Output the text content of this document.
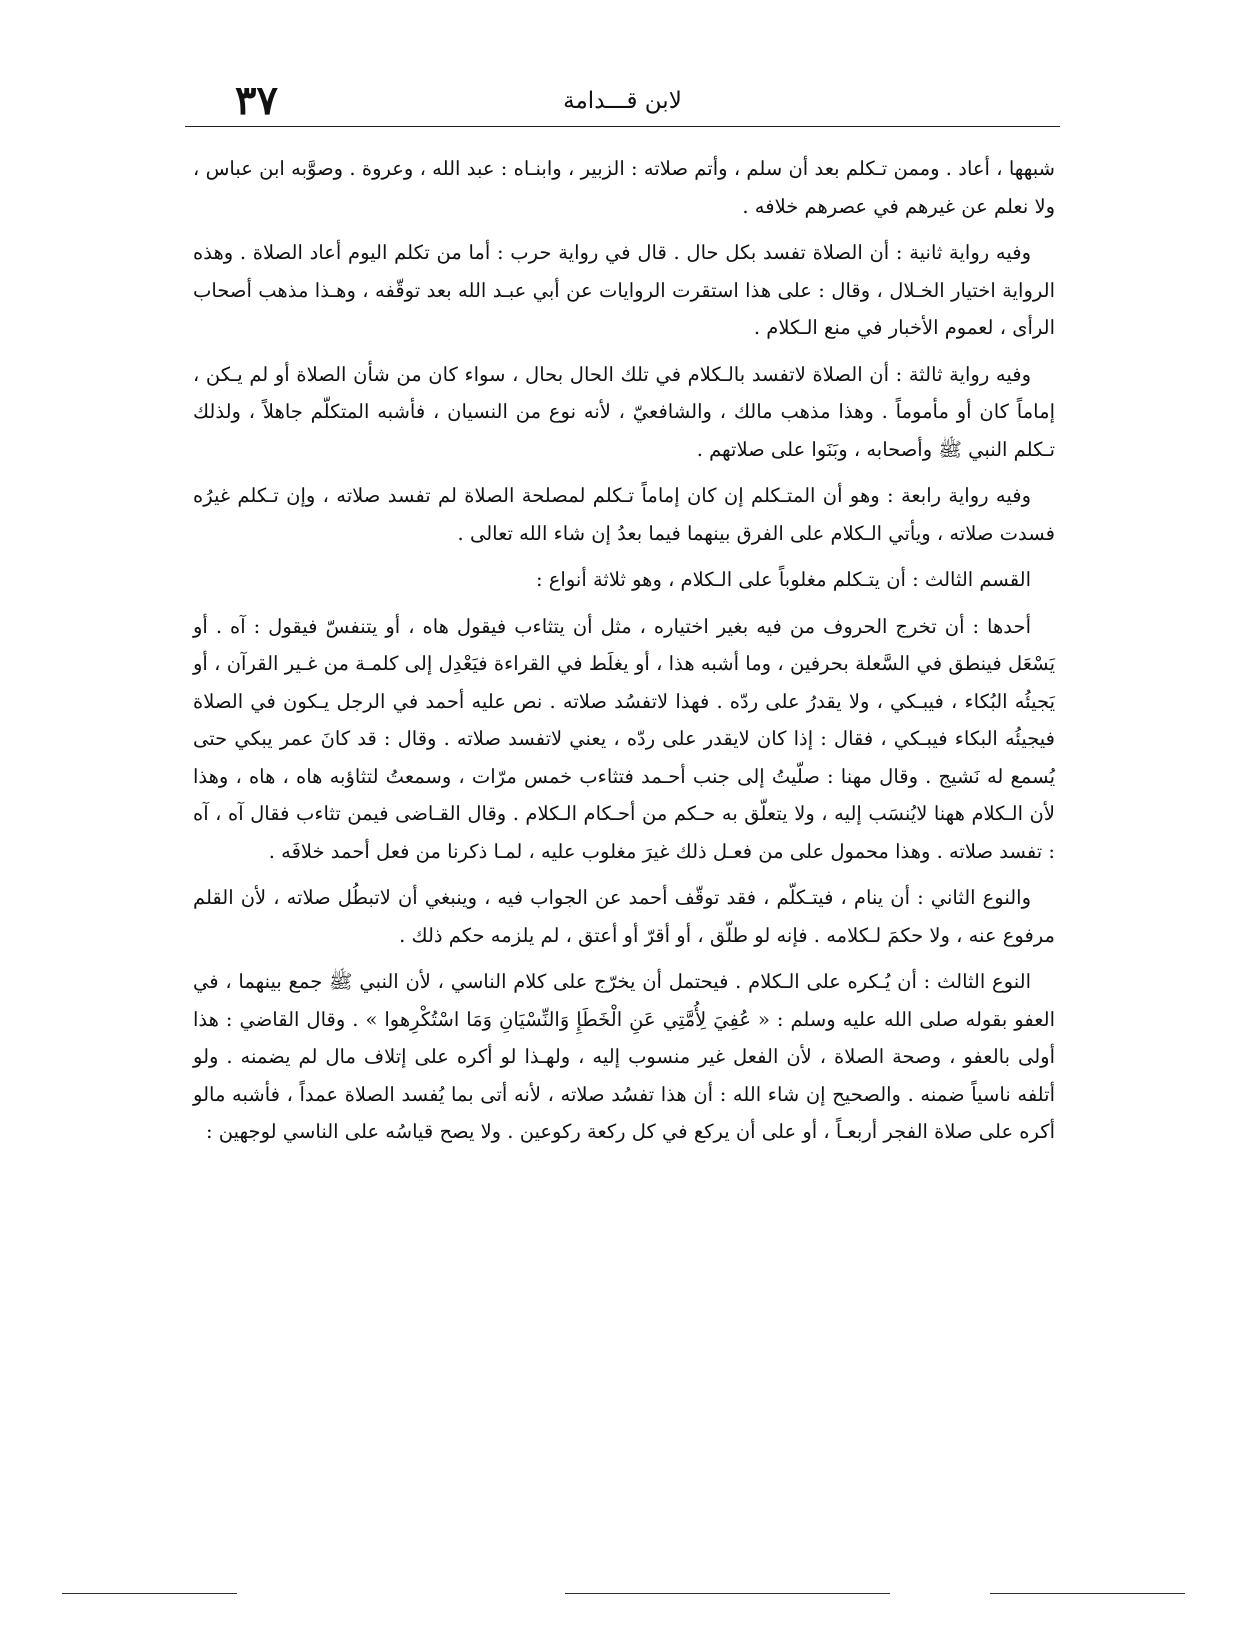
٣٧	لابن قـــدامة

شبهها ، أعاد . وممن تـكلم بعد أن سلم ، وأتم صلاته : الزبير ، وابنـاه : عبد الله ، وعروة . وصوَّبه ابن عباس ، ولا نعلم عن غيرهم في عصرهم خلافه .

وفيه رواية ثانية : أن الصلاة تفسد بكل حال . قال في رواية حرب : أما من تكلم اليوم أعاد الصلاة . وهذه الرواية اختيار الخـلال ، وقال : على هذا استقرت الروايات عن أبي عبـد الله بعد توقّفه ، وهـذا مذهب أصحاب الرأى ، لعموم الأخبار في منع الـكلام .

وفيه رواية ثالثة : أن الصلاة لاتفسد بالـكلام في تلك الحال بحال ، سواء كان من شأن الصلاة أو لم يـكن ، إماماً كان أو مأموماً . وهذا مذهب مالك ، والشافعيّ ، لأنه نوع من النسيان ، فأشبه المتكلّم جاهلاً ، ولذلك تـكلم النبي ﷺ وأصحابه ، وبَنَوا على صلاتهم .

وفيه رواية رابعة : وهو أن المتـكلم إن كان إماماً تـكلم لمصلحة الصلاة لم تفسد صلاته ، وإن تـكلم غيرُه فسدت صلاته ، ويأتي الـكلام على الفرق بينهما فيما بعدُ إن شاء الله تعالى .

القسم الثالث : أن يتـكلم مغلوباً على الـكلام ، وهو ثلاثة أنواع :

أحدها : أن تخرج الحروف من فيه بغير اختياره ، مثل أن يتثاءب فيقول هاه ، أو يتنفسّ فيقول : آه . أو يَسْعَل فينطق في السَّعلة بحرفين ، وما أشبه هذا ، أو يغلَط في القراءة فيَعْدِل إلى كلمـة من غـير القرآن ، أو يَجيئُه البُكاء ، فيبـكي ، ولا يقدرُ على ردّه . فهذا لاتفسُد صلاته . نص عليه أحمد في الرجل يـكون في الصلاة فيجيئُه البكاء فيبـكي ، فقال : إذا كان لايقدر على ردّه ، يعني لاتفسد صلاته . وقال : قد كانَ عمر يبكي حتى يُسمع له نَشيج . وقال مهنا : صلّيتُ إلى جنب أحـمد فتثاءب خمس مرّات ، وسمعتُ لتثاؤبه هاه ، هاه ، وهذا لأن الـكلام ههنا لايُنسَب إليه ، ولا يتعلّق به حـكم من أحـكام الـكلام . وقال القـاضى فيمن تثاءب فقال آه ، آه : تفسد صلاته . وهذا محمول على من فعـل ذلك غيرَ مغلوب عليه ، لمـا ذكرنا من فعل أحمد خلافَه .

والنوع الثاني : أن ينام ، فيتـكلّم ، فقد توقّف أحمد عن الجواب فيه ، وينبغي أن لاتبطُل صلاته ، لأن القلم مرفوع عنه ، ولا حكمَ لـكلامه . فإنه لو طلّق ، أو أقرّ أو أعتق ، لم يلزمه حكم ذلك .

النوع الثالث : أن يُـكره على الـكلام . فيحتمل أن يخرّج على كلام الناسي ، لأن النبي ﷺ جمع بينهما ، في العفو بقوله صلى الله عليه وسلم : « عُفِيَ لِأُمَّتِي عَنِ الْخَطَإِ وَالنِّسْيَانِ وَمَا اسْتُكْرِهوا » . وقال القاضي : هذا أولى بالعفو ، وصحة الصلاة ، لأن الفعل غير منسوب إليه ، ولهـذا لو أكره على إتلاف مال لم يضمنه . ولو أتلفه ناسياً ضمنه . والصحيح إن شاء الله : أن هذا تفسُد صلاته ، لأنه أتى بما يُفسد الصلاة عمداً ، فأشبه مالو أكره على صلاة الفجر أربعـاً ، أو على أن يركع في كل ركعة ركوعين . ولا يصح قياسُه على الناسي لوجهين :
